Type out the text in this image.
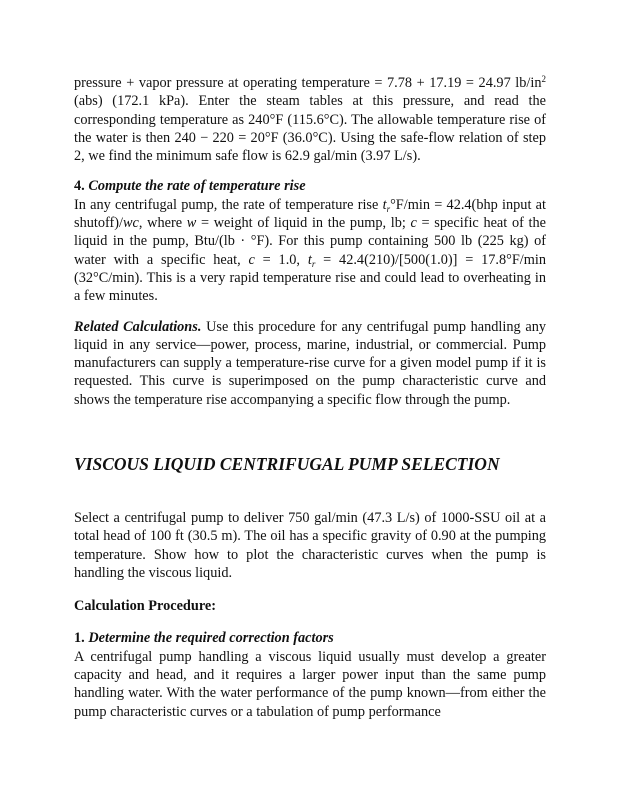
pressure + vapor pressure at operating temperature = 7.78 + 17.19 = 24.97 $lb/in^2$ (abs) (172.1 kPa). Enter the steam tables at this pressure, and read the corresponding temperature as 240°F (115.6°C). The allowable temperature rise of the water is then 240 − 220 = 20°F (36.0°C). Using the safe-flow relation of step 2, we find the minimum safe flow is 62.9 gal/min (3.97 L/s).

4. Compute the rate of temperature rise

In any centrifugal pump, the rate of temperature rise $t_r^\circ F/\min = 42.4(bhp$ input at shutoff)/wc, where w = weight of liquid in the pump, lb; c = specific heat of the liquid in the pump, Btu/(lb · °F). For this pump containing 500 lb (225 kg) of water with a specific heat, c = 1.0, $t_r = 42.4(210)/[500(1.0)] = 17.8^\circ F/\min$ (32°C/min). This is a very rapid temperature rise and could lead to overheating in a few minutes.

Related Calculations. Use this procedure for any centrifugal pump handling any liquid in any service—power, process, marine, industrial, or commercial. Pump manufacturers can supply a temperature-rise curve for a given model pump if it is requested. This curve is superimposed on the pump characteristic curve and shows the temperature rise accompanying a specific flow through the pump.

VISCOUS LIQUID CENTRIFUGAL PUMP SELECTION

Select a centrifugal pump to deliver 750 gal/min (47.3 L/s) of 1000-SSU oil at a total head of 100 ft (30.5 m). The oil has a specific gravity of 0.90 at the pumping temperature. Show how to plot the characteristic curves when the pump is handling the viscous liquid.

Calculation Procedure:

1. Determine the required correction factors

A centrifugal pump handling a viscous liquid usually must develop a greater capacity and head, and it requires a larger power input than the same pump handling water. With the water performance of the pump known—from either the pump characteristic curves or a tabulation of pump performance
